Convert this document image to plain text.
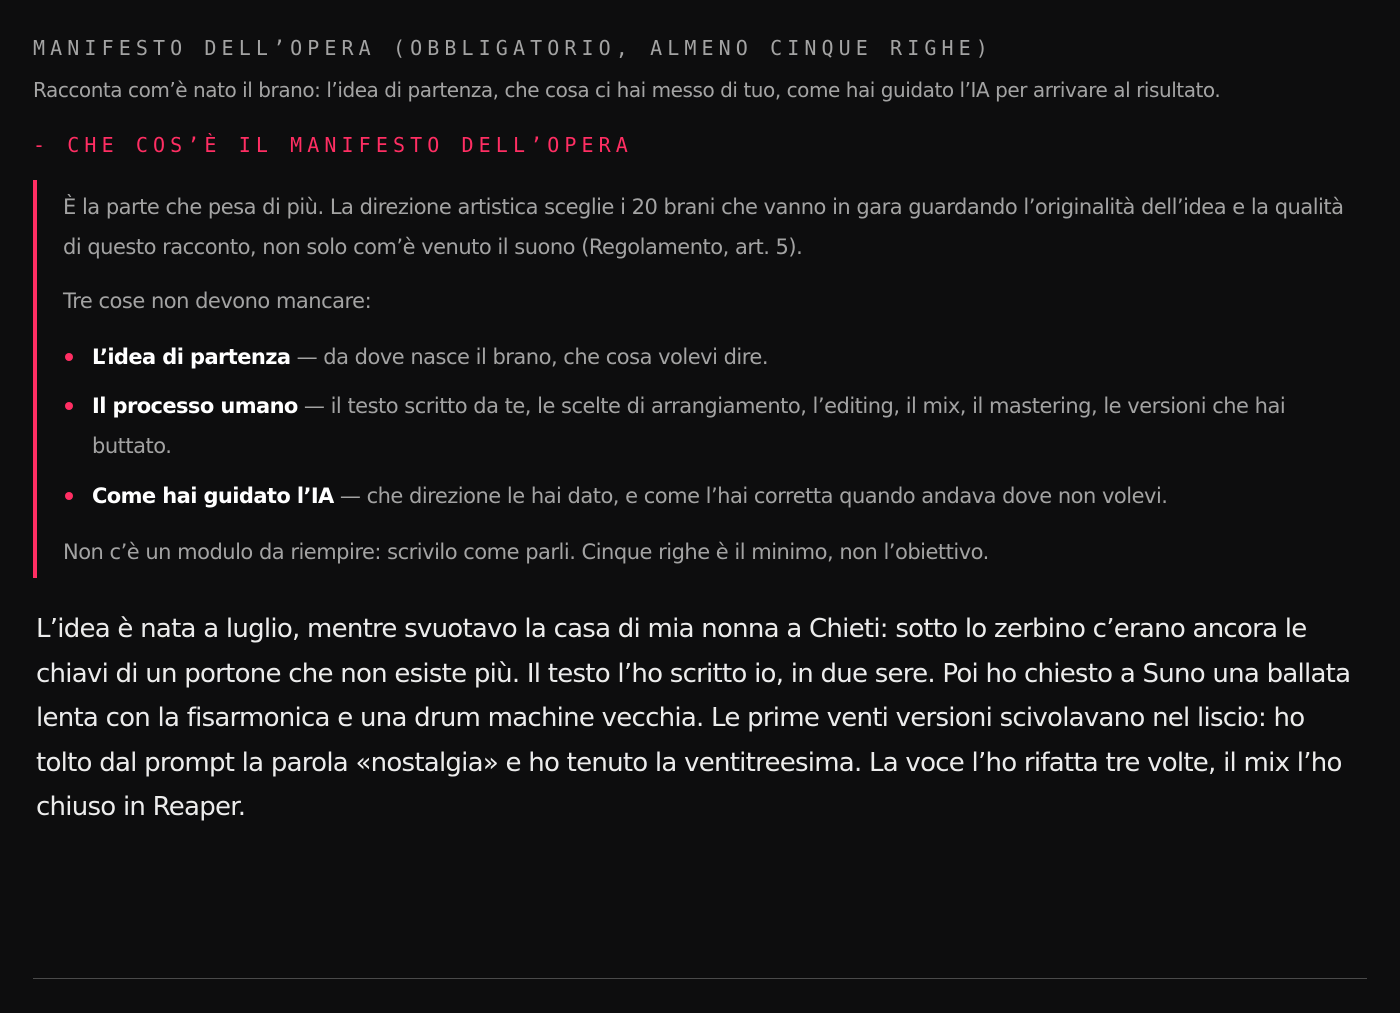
MANIFESTO DELL’OPERA (OBBLIGATORIO, ALMENO CINQUE RIGHE)

Racconta com’è nato il brano: l’idea di partenza, che cosa ci hai messo di tuo, come hai guidato l’IA per arrivare al risultato.

- CHE COS’È IL MANIFESTO DELL’OPERA

È la parte che pesa di più. La direzione artistica sceglie i 20 brani che vanno in gara guardando l’originalità dell’idea e la qualità di questo racconto, non solo com’è venuto il suono (Regolamento, art. 5).

Tre cose non devono mancare:

L’idea di partenza — da dove nasce il brano, che cosa volevi dire.
Il processo umano — il testo scritto da te, le scelte di arrangiamento, l’editing, il mix, il mastering, le versioni che hai buttato.
Come hai guidato l’IA — che direzione le hai dato, e come l’hai corretta quando andava dove non volevi.

Non c’è un modulo da riempire: scrivilo come parli. Cinque righe è il minimo, non l’obiettivo.

L’idea è nata a luglio, mentre svuotavo la casa di mia nonna a Chieti: sotto lo zerbino c’erano ancora le chiavi di un portone che non esiste più. Il testo l’ho scritto io, in due sere. Poi ho chiesto a Suno una ballata lenta con la fisarmonica e una drum machine vecchia. Le prime venti versioni scivolavano nel liscio: ho tolto dal prompt la parola «nostalgia» e ho tenuto la ventitreesima. La voce l’ho rifatta tre volte, il mix l’ho chiuso in Reaper.
